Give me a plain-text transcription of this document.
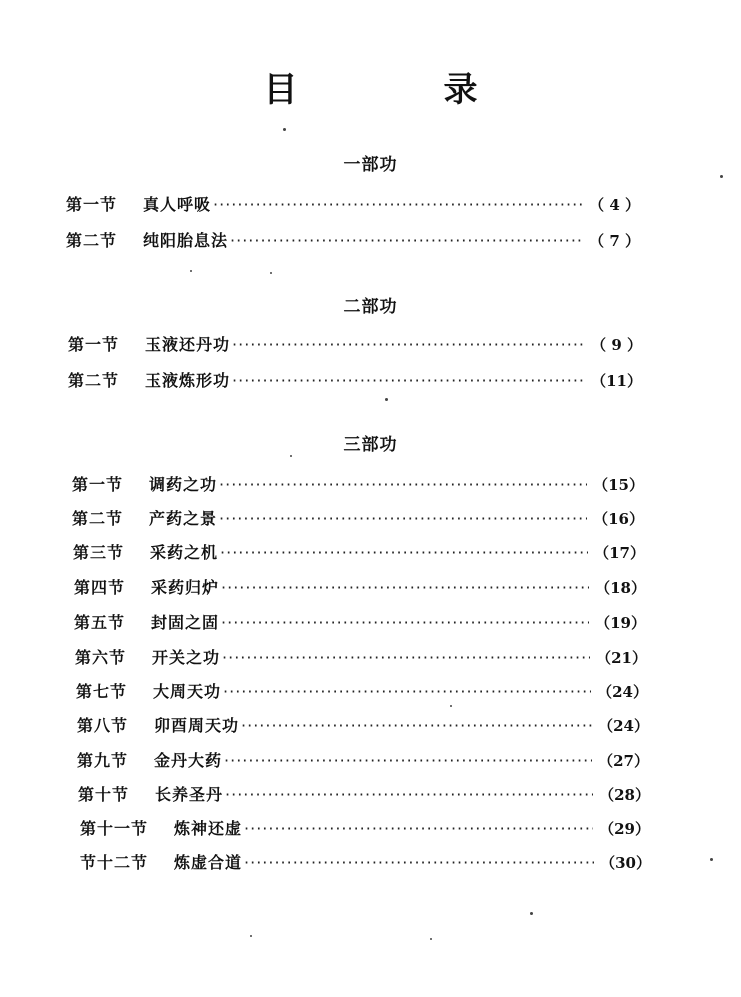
目　录
一部功
第一节 真人呼吸 ·····	（ 4 ）
第二节 纯阳胎息法 ·····	（ 7 ）
二部功
第一节 玉液还丹功 ·····	（ 9 ）
第二节 玉液炼形功 ·····	（11）
三部功
第一节 调药之功 ·····	（15）
第二节 产药之景 ·····	（16）
第三节 采药之机 ·····	（17）
第四节 采药归炉 ·····	（18）
第五节 封固之固 ·····	（19）
第六节 开关之功 ·····	（21）
第七节 大周天功 ·····	（24）
第八节 卯酉周天功 ·····	（24）
第九节 金丹大药 ·····	（27）
第十节 长养圣丹 ·····	（28）
第十一节 炼神还虚 ·····	（29）
节十二节 炼虚合道 ·····	（30）
